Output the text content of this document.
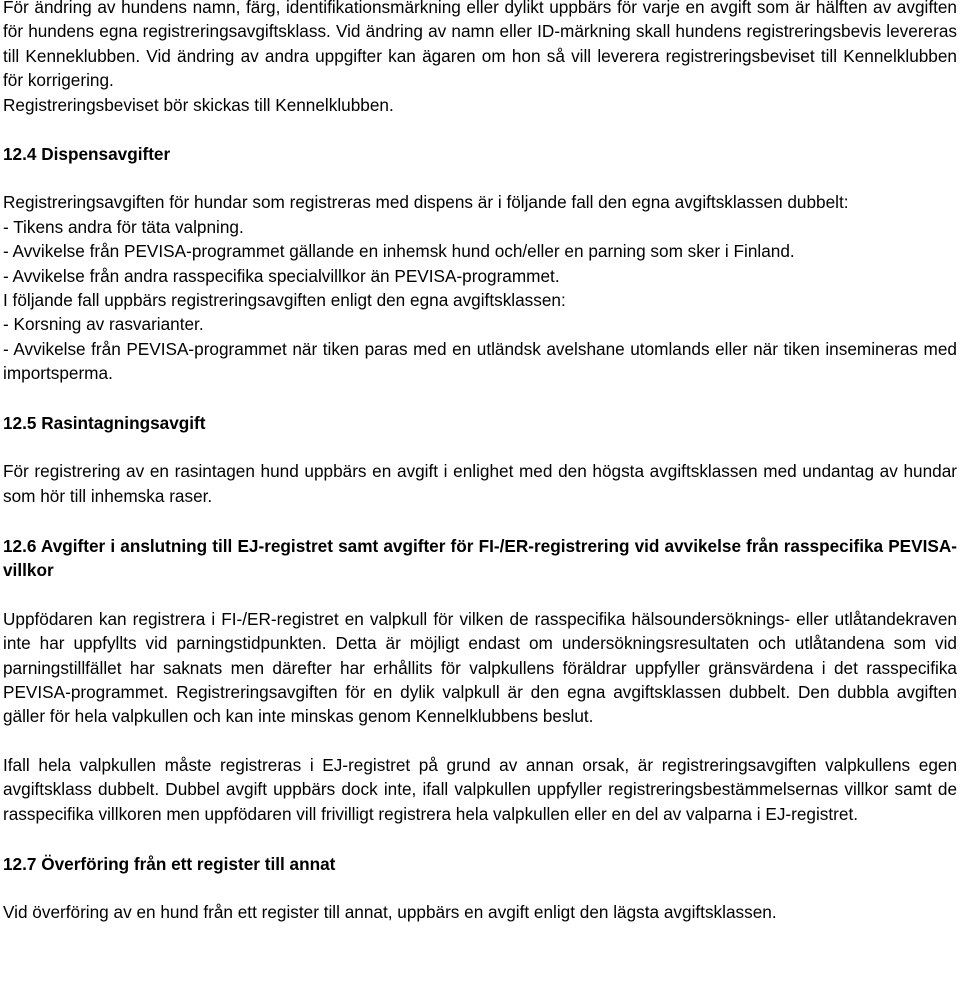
För ändring av hundens namn, färg, identifikationsmärkning eller dylikt uppbärs för varje en avgift som är hälften av avgiften för hundens egna registreringsavgiftsklass. Vid ändring av namn eller ID-märkning skall hundens registreringsbevis levereras till Kenneklubben. Vid ändring av andra uppgifter kan ägaren om hon så vill leverera registreringsbeviset till Kennelklubben för korrigering.

Registreringsbeviset bör skickas till Kennelklubben.

12.4 Dispensavgifter

Registreringsavgiften för hundar som registreras med dispens är i följande fall den egna avgiftsklassen dubbelt:

- Tikens andra för täta valpning.

- Avvikelse från PEVISA-programmet gällande en inhemsk hund och/eller en parning som sker i Finland.

- Avvikelse från andra rasspecifika specialvillkor än PEVISA-programmet.

I följande fall uppbärs registreringsavgiften enligt den egna avgiftsklassen:

- Korsning av rasvarianter.

- Avvikelse från PEVISA-programmet när tiken paras med en utländsk avelshane utomlands eller när tiken insemineras med importsperma.

12.5 Rasintagningsavgift

För registrering av en rasintagen hund uppbärs en avgift i enlighet med den högsta avgiftsklassen med undantag av hundar som hör till inhemska raser.

12.6 Avgifter i anslutning till EJ-registret samt avgifter för FI-/ER-registrering vid avvikelse från rasspecifika PEVISA-villkor

Uppfödaren kan registrera i FI-/ER-registret en valpkull för vilken de rasspecifika hälsoundersöknings- eller utlåtandekraven inte har uppfyllts vid parningstidpunkten. Detta är möjligt endast om undersökningsresultaten och utlåtandena som vid parningstillfället har saknats men därefter har erhållits för valpkullens föräldrar uppfyller gränsvärdena i det rasspecifika PEVISA-programmet. Registreringsavgiften för en dylik valpkull är den egna avgiftsklassen dubbelt. Den dubbla avgiften gäller för hela valpkullen och kan inte minskas genom Kennelklubbens beslut.

Ifall hela valpkullen måste registreras i EJ-registret på grund av annan orsak, är registreringsavgiften valpkullens egen avgiftsklass dubbelt. Dubbel avgift uppbärs dock inte, ifall valpkullen uppfyller registreringsbestämmelsernas villkor samt de rasspecifika villkoren men uppfödaren vill frivilligt registrera hela valpkullen eller en del av valparna i EJ-registret.

12.7 Överföring från ett register till annat

Vid överföring av en hund från ett register till annat, uppbärs en avgift enligt den lägsta avgiftsklassen.
